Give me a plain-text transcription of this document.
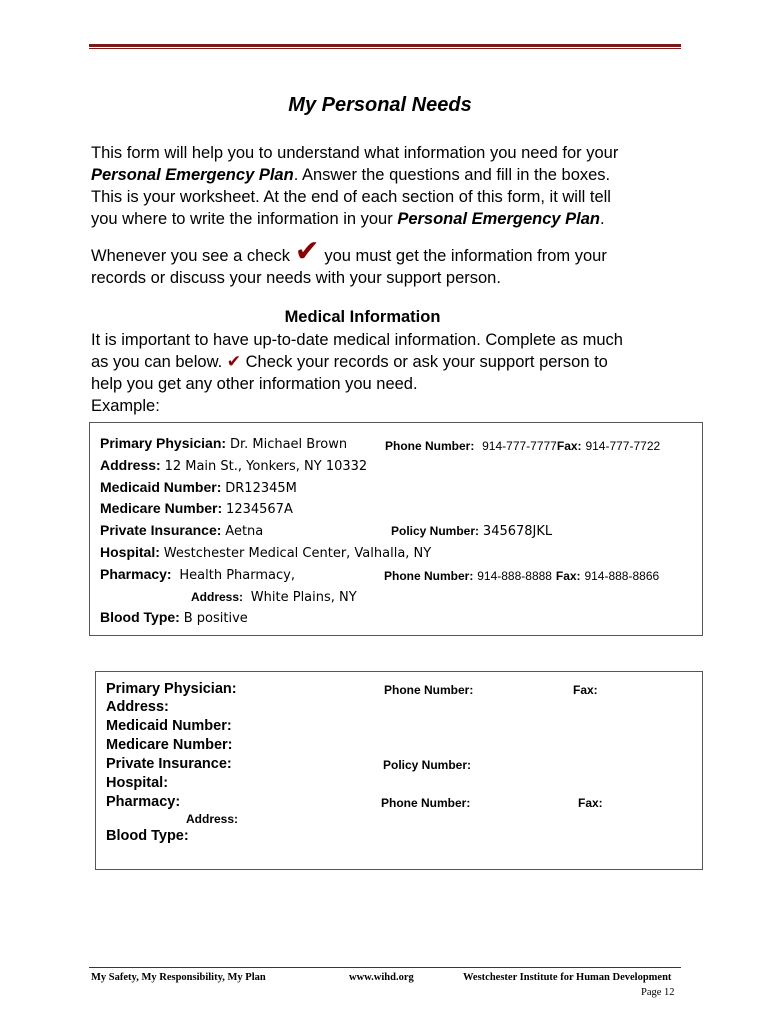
My Personal Needs
This form will help you to understand what information you need for your
Personal Emergency Plan. Answer the questions and fill in the boxes.
This is your worksheet. At the end of each section of this form, it will tell
you where to write the information in your Personal Emergency Plan.
Whenever you see a check ✔ you must get the information from your
records or discuss your needs with your support person.
Medical Information
It is important to have up-to-date medical information. Complete as much
as you can below. ✔ Check your records or ask your support person to
help you get any other information you need.
Example:
Primary Physician: Dr. Michael Brown	Phone Number: 914-777-7777Fax: 914-777-7722
Address: 12 Main St., Yonkers, NY 10332
Medicaid Number: DR12345M
Medicare Number: 1234567A
Private Insurance: Aetna	Policy Number: 345678JKL
Hospital: Westchester Medical Center, Valhalla, NY
Pharmacy: Health Pharmacy,	Phone Number: 914-888-8888 Fax: 914-888-8866
Address: White Plains, NY
Blood Type: B positive
Primary Physician:	Phone Number:	Fax:
Address:
Medicaid Number:
Medicare Number:
Private Insurance:	Policy Number:
Hospital:
Pharmacy:	Phone Number:	Fax:
Address:
Blood Type:
My Safety, My Responsibility, My Plan	www.wihd.org	Westchester Institute for Human Development
Page 12
